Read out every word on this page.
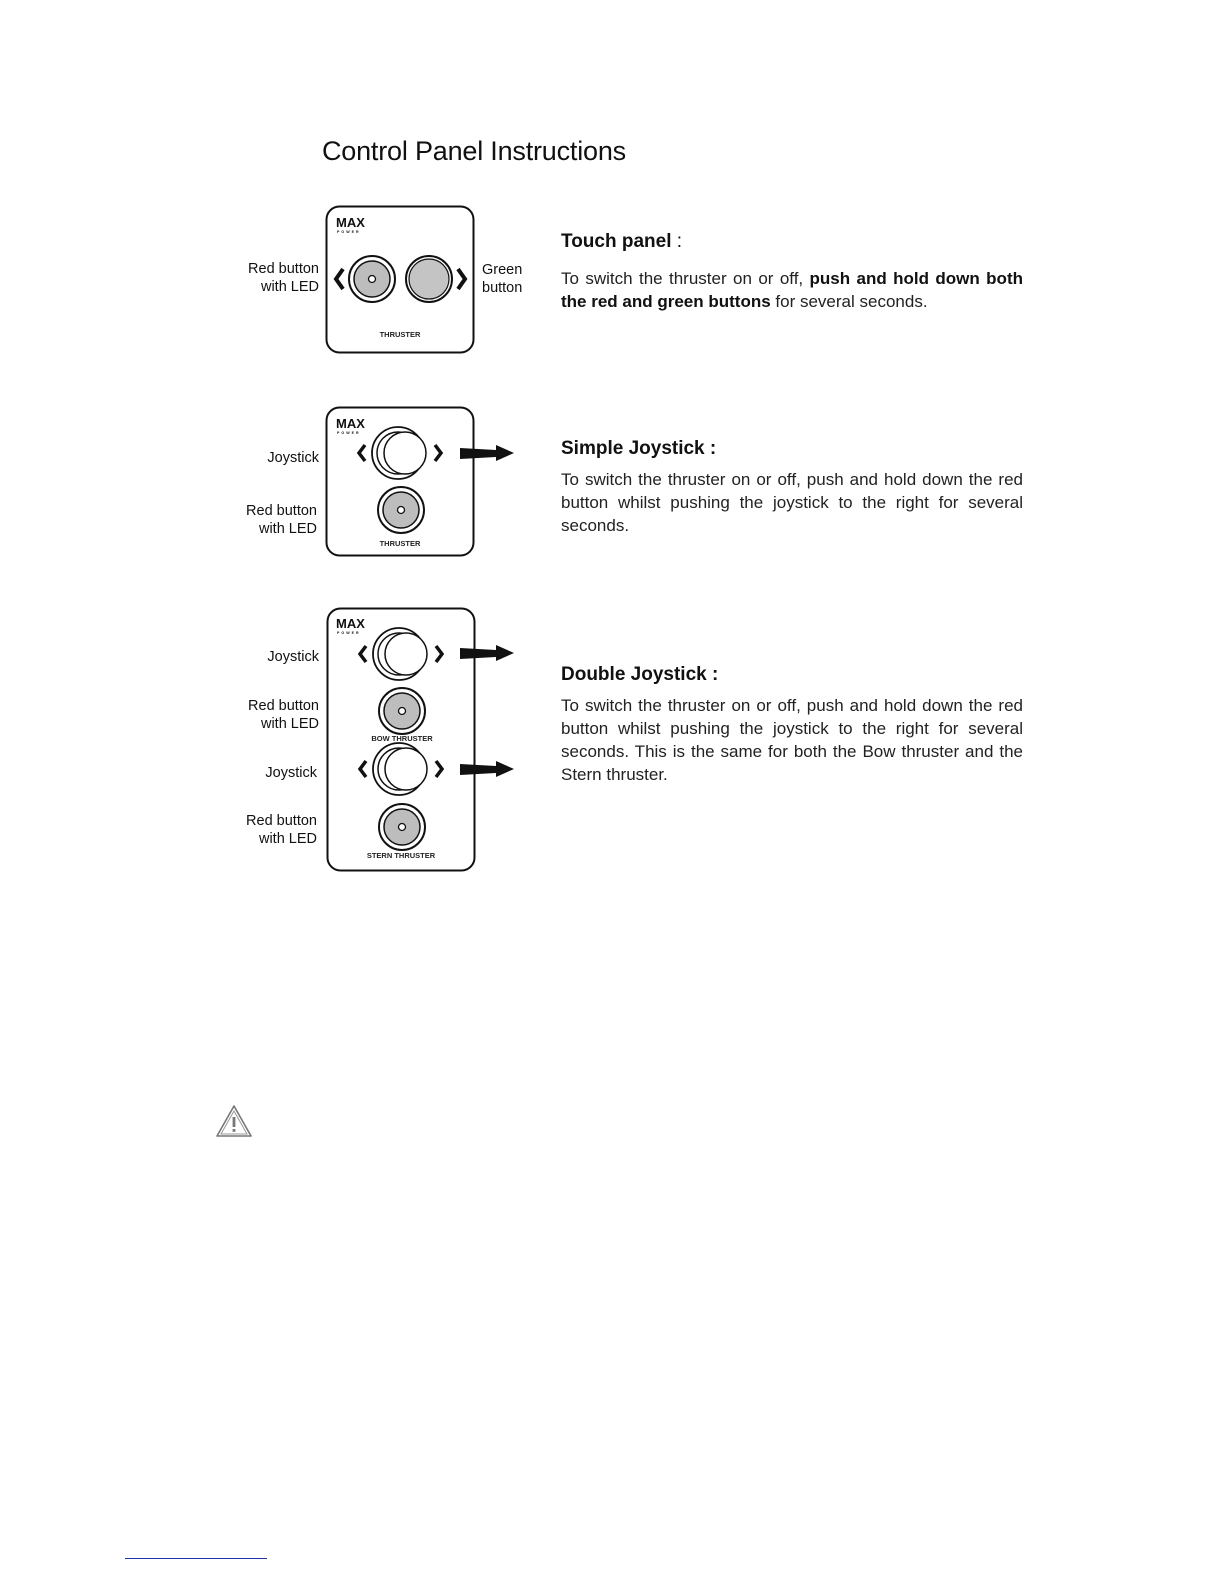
Control Panel Instructions
Red button
with LED
Green
button
MAX
POWER
THRUSTER
Touch panel :
To switch the thruster on or off, push and hold down both the red and green buttons for several seconds.
Joystick
Red button
with LED
MAX
POWER
THRUSTER
Simple Joystick :
To switch the thruster on or off, push and hold down the red button whilst pushing the joystick to the right for several seconds.
Joystick
Red button
with LED
Joystick
Red button
with LED
MAX
POWER
BOW THRUSTER
STERN THRUSTER
Double Joystick :
To switch the thruster on or off, push and hold down the red button whilst pushing the joystick to the right for several seconds. This is the same for both the Bow thruster and the Stern thruster.
